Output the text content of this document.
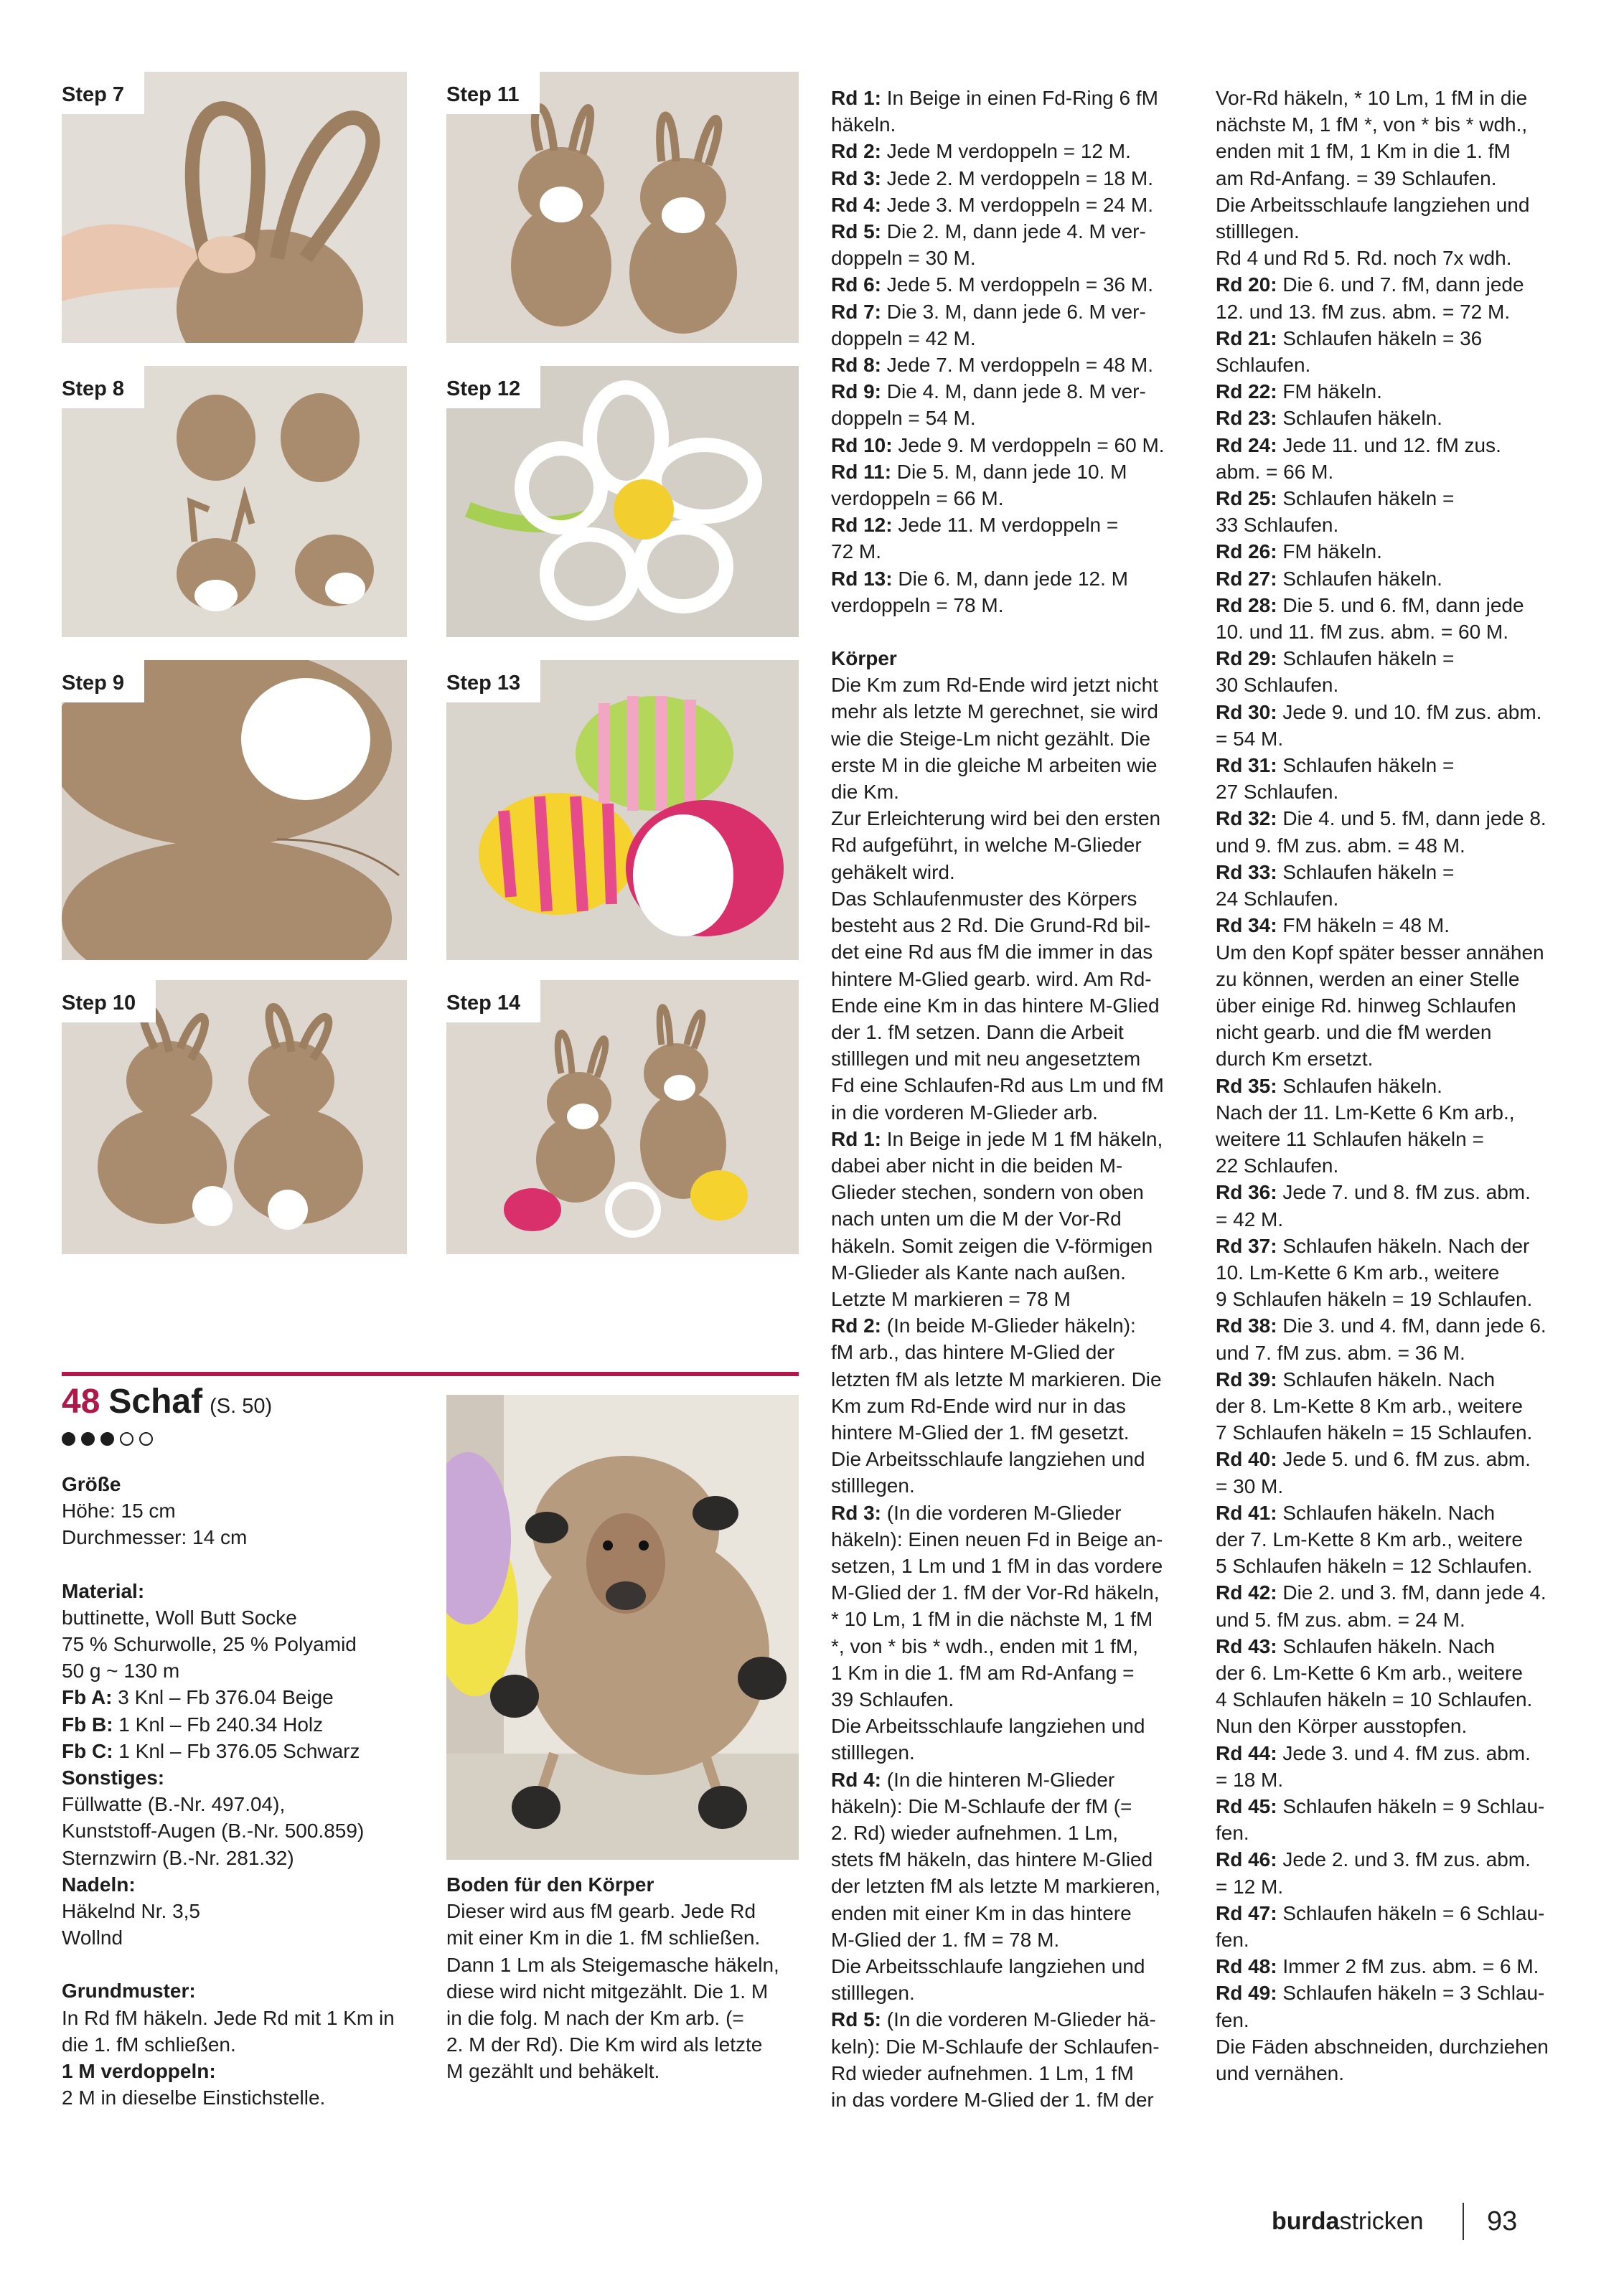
Step 7	Step 11
Step 8	Step 12
Step 9	Step 13
Step 10	Step 14
48 Schaf (S. 50)

Größe

Höhe: 15 cm

Durchmesser: 14 cm

Material:

buttinette, Woll Butt Socke

75 % Schurwolle, 25 % Polyamid

50 g ~ 130 m

Fb A: 3 Knl – Fb 376.04 Beige

Fb B: 1 Knl – Fb 240.34 Holz

Fb C: 1 Knl – Fb 376.05 Schwarz

Sonstiges:

Füllwatte (B.-Nr. 497.04),

Kunststoff-Augen (B.-Nr. 500.859)

Sternzwirn (B.-Nr. 281.32)

Nadeln:

Häkelnd Nr. 3,5

Wollnd

Grundmuster:

In Rd fM häkeln. Jede Rd mit 1 Km in

die 1. fM schließen.

1 M verdoppeln:

2 M in dieselbe Einstichstelle.

Boden für den Körper

Dieser wird aus fM gearb. Jede Rd

mit einer Km in die 1. fM schließen.

Dann 1 Lm als Steigemasche häkeln,

diese wird nicht mitgezählt. Die 1. M

in die folg. M nach der Km arb. (=

2. M der Rd). Die Km wird als letzte

M gezählt und behäkelt.

Rd 1: In Beige in einen Fd-Ring 6 fM

häkeln.

Rd 2: Jede M verdoppeln = 12 M.

Rd 3: Jede 2. M verdoppeln = 18 M.

Rd 4: Jede 3. M verdoppeln = 24 M.

Rd 5: Die 2. M, dann jede 4. M ver-

doppeln = 30 M.

Rd 6: Jede 5. M verdoppeln = 36 M.

Rd 7: Die 3. M, dann jede 6. M ver-

doppeln = 42 M.

Rd 8: Jede 7. M verdoppeln = 48 M.

Rd 9: Die 4. M, dann jede 8. M ver-

doppeln = 54 M.

Rd 10: Jede 9. M verdoppeln = 60 M.

Rd 11: Die 5. M, dann jede 10. M

verdoppeln = 66 M.

Rd 12: Jede 11. M verdoppeln =

72 M.

Rd 13: Die 6. M, dann jede 12. M

verdoppeln = 78 M.

Körper

Die Km zum Rd-Ende wird jetzt nicht

mehr als letzte M gerechnet, sie wird

wie die Steige-Lm nicht gezählt. Die

erste M in die gleiche M arbeiten wie

die Km.

Zur Erleichterung wird bei den ersten

Rd aufgeführt, in welche M-Glieder

gehäkelt wird.

Das Schlaufenmuster des Körpers

besteht aus 2 Rd. Die Grund-Rd bil-

det eine Rd aus fM die immer in das

hintere M-Glied gearb. wird. Am Rd-

Ende eine Km in das hintere M-Glied

der 1. fM setzen. Dann die Arbeit

stilllegen und mit neu angesetztem

Fd eine Schlaufen-Rd aus Lm und fM

in die vorderen M-Glieder arb.

Rd 1: In Beige in jede M 1 fM häkeln,

dabei aber nicht in die beiden M-

Glieder stechen, sondern von oben

nach unten um die M der Vor-Rd

häkeln. Somit zeigen die V-förmigen

M-Glieder als Kante nach außen.

Letzte M markieren = 78 M

Rd 2: (In beide M-Glieder häkeln):

fM arb., das hintere M-Glied der

letzten fM als letzte M markieren. Die

Km zum Rd-Ende wird nur in das

hintere M-Glied der 1. fM gesetzt.

Die Arbeitsschlaufe langziehen und

stilllegen.

Rd 3: (In die vorderen M-Glieder

häkeln): Einen neuen Fd in Beige an-

setzen, 1 Lm und 1 fM in das vordere

M-Glied der 1. fM der Vor-Rd häkeln,

* 10 Lm, 1 fM in die nächste M, 1 fM

*, von * bis * wdh., enden mit 1 fM,

1 Km in die 1. fM am Rd-Anfang =

39 Schlaufen.

Die Arbeitsschlaufe langziehen und

stilllegen.

Rd 4: (In die hinteren M-Glieder

häkeln): Die M-Schlaufe der fM (=

2. Rd) wieder aufnehmen. 1 Lm,

stets fM häkeln, das hintere M-Glied

der letzten fM als letzte M markieren,

enden mit einer Km in das hintere

M-Glied der 1. fM = 78 M.

Die Arbeitsschlaufe langziehen und

stilllegen.

Rd 5: (In die vorderen M-Glieder hä-

keln): Die M-Schlaufe der Schlaufen-

Rd wieder aufnehmen. 1 Lm, 1 fM

in das vordere M-Glied der 1. fM der

Vor-Rd häkeln, * 10 Lm, 1 fM in die

nächste M, 1 fM *, von * bis * wdh.,

enden mit 1 fM, 1 Km in die 1. fM

am Rd-Anfang. = 39 Schlaufen.

Die Arbeitsschlaufe langziehen und

stilllegen.

Rd 4 und Rd 5. Rd. noch 7x wdh.

Rd 20: Die 6. und 7. fM, dann jede

12. und 13. fM zus. abm. = 72 M.

Rd 21: Schlaufen häkeln = 36

Schlaufen.

Rd 22: FM häkeln.

Rd 23: Schlaufen häkeln.

Rd 24: Jede 11. und 12. fM zus.

abm. = 66 M.

Rd 25: Schlaufen häkeln =

33 Schlaufen.

Rd 26: FM häkeln.

Rd 27: Schlaufen häkeln.

Rd 28: Die 5. und 6. fM, dann jede

10. und 11. fM zus. abm. = 60 M.

Rd 29: Schlaufen häkeln =

30 Schlaufen.

Rd 30: Jede 9. und 10. fM zus. abm.

= 54 M.

Rd 31: Schlaufen häkeln =

27 Schlaufen.

Rd 32: Die 4. und 5. fM, dann jede 8.

und 9. fM zus. abm. = 48 M.

Rd 33: Schlaufen häkeln =

24 Schlaufen.

Rd 34: FM häkeln = 48 M.

Um den Kopf später besser annähen

zu können, werden an einer Stelle

über einige Rd. hinweg Schlaufen

nicht gearb. und die fM werden

durch Km ersetzt.

Rd 35: Schlaufen häkeln.

Nach der 11. Lm-Kette 6 Km arb.,

weitere 11 Schlaufen häkeln =

22 Schlaufen.

Rd 36: Jede 7. und 8. fM zus. abm.

= 42 M.

Rd 37: Schlaufen häkeln. Nach der

10. Lm-Kette 6 Km arb., weitere

9 Schlaufen häkeln = 19 Schlaufen.

Rd 38: Die 3. und 4. fM, dann jede 6.

und 7. fM zus. abm. = 36 M.

Rd 39: Schlaufen häkeln. Nach

der 8. Lm-Kette 8 Km arb., weitere

7 Schlaufen häkeln = 15 Schlaufen.

Rd 40: Jede 5. und 6. fM zus. abm.

= 30 M.

Rd 41: Schlaufen häkeln. Nach

der 7. Lm-Kette 8 Km arb., weitere

5 Schlaufen häkeln = 12 Schlaufen.

Rd 42: Die 2. und 3. fM, dann jede 4.

und 5. fM zus. abm. = 24 M.

Rd 43: Schlaufen häkeln. Nach

der 6. Lm-Kette 6 Km arb., weitere

4 Schlaufen häkeln = 10 Schlaufen.

Nun den Körper ausstopfen.

Rd 44: Jede 3. und 4. fM zus. abm.

= 18 M.

Rd 45: Schlaufen häkeln = 9 Schlau-

fen.

Rd 46: Jede 2. und 3. fM zus. abm.

= 12 M.

Rd 47: Schlaufen häkeln = 6 Schlau-

fen.

Rd 48: Immer 2 fM zus. abm. = 6 M.

Rd 49: Schlaufen häkeln = 3 Schlau-

fen.

Die Fäden abschneiden, durchziehen

und vernähen.

burdastricken 93
